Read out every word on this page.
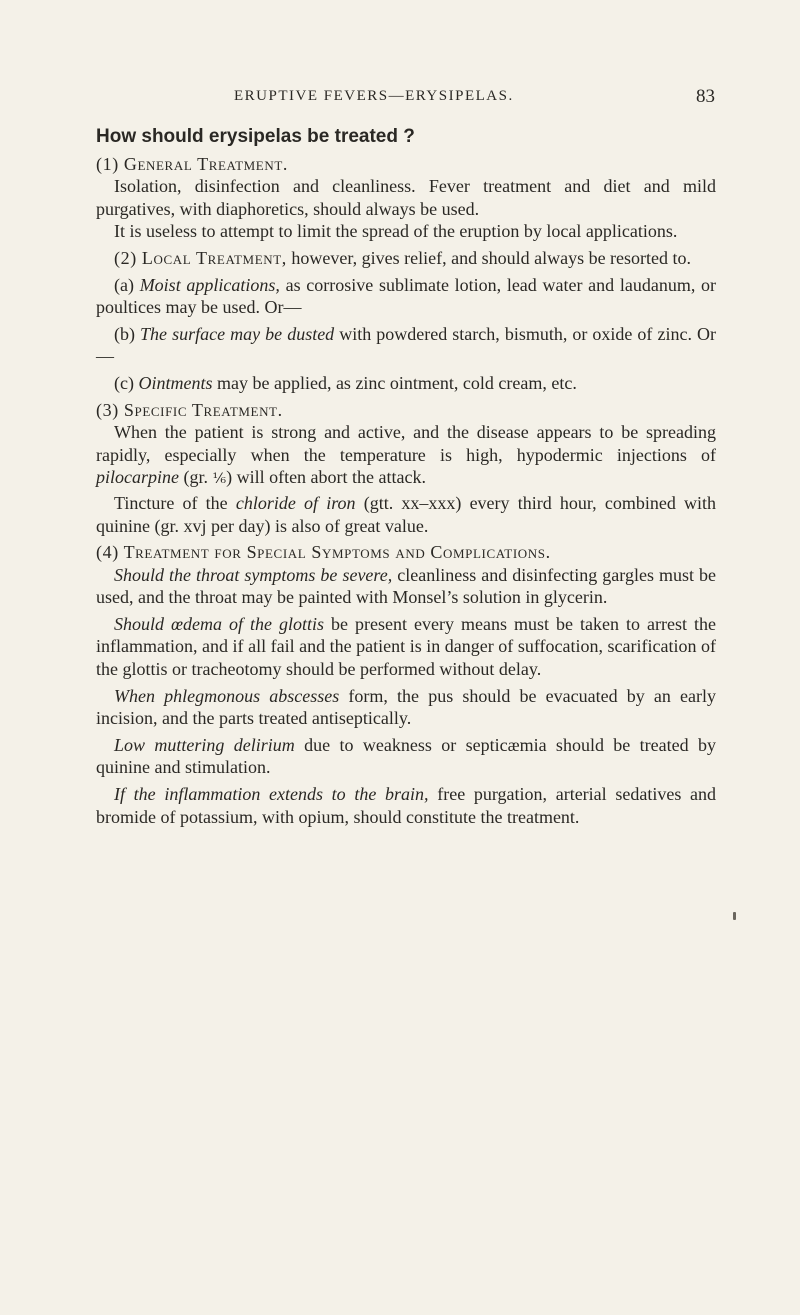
ERUPTIVE FEVERS—ERYSIPELAS.	83

How should erysipelas be treated ?

(1) General Treatment.

Isolation, disinfection and cleanliness. Fever treatment and diet and mild purgatives, with diaphoretics, should always be used.

It is useless to attempt to limit the spread of the eruption by local applications.

(2) Local Treatment, however, gives relief, and should always be resorted to.

(a) Moist applications, as corrosive sublimate lotion, lead water and laudanum, or poultices may be used. Or—

(b) The surface may be dusted with powdered starch, bismuth, or oxide of zinc. Or—

(c) Ointments may be applied, as zinc ointment, cold cream, etc.

(3) Specific Treatment.

When the patient is strong and active, and the disease appears to be spreading rapidly, especially when the temperature is high, hypodermic injections of pilocarpine (gr. ⅙) will often abort the attack.

Tincture of the chloride of iron (gtt. xx–xxx) every third hour, combined with quinine (gr. xvj per day) is also of great value.

(4) Treatment for Special Symptoms and Complications.

Should the throat symptoms be severe, cleanliness and disinfecting gargles must be used, and the throat may be painted with Monsel’s solution in glycerin.

Should œdema of the glottis be present every means must be taken to arrest the inflammation, and if all fail and the patient is in danger of suffocation, scarification of the glottis or tracheotomy should be performed without delay.

When phlegmonous abscesses form, the pus should be evacuated by an early incision, and the parts treated antiseptically.

Low muttering delirium due to weakness or septicæmia should be treated by quinine and stimulation.

If the inflammation extends to the brain, free purgation, arterial sedatives and bromide of potassium, with opium, should constitute the treatment.
